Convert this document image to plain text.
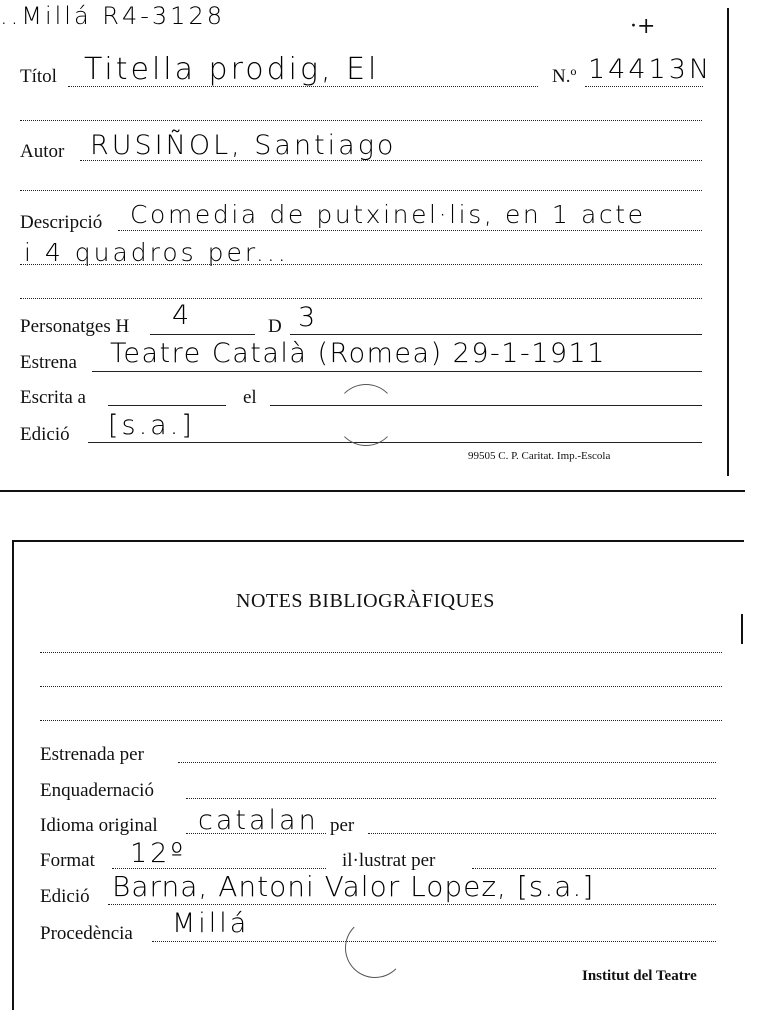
..Millá R4-3128	·+
Títol Titella prodig, El	N.º 14413N
Autor RUSIÑOL, Santiago
Descripció Comedia de putxinel·lis, en 1 acte
i 4 quadros per...
Personatges H 4	D 3
Estrena Teatre Català (Romea) 29-1-1911
Escrita a	el
Edició [s.a.]
99505 C. P. Caritat. Imp.-Escola
NOTES BIBLIOGRÀFIQUES
Estrenada per
Enquadernació
Idioma original catalan per
Format 12º	il·lustrat per
Edició Barna, Antoni Valor Lopez, [s.a.]
Procedència Millá
Institut del Teatre
